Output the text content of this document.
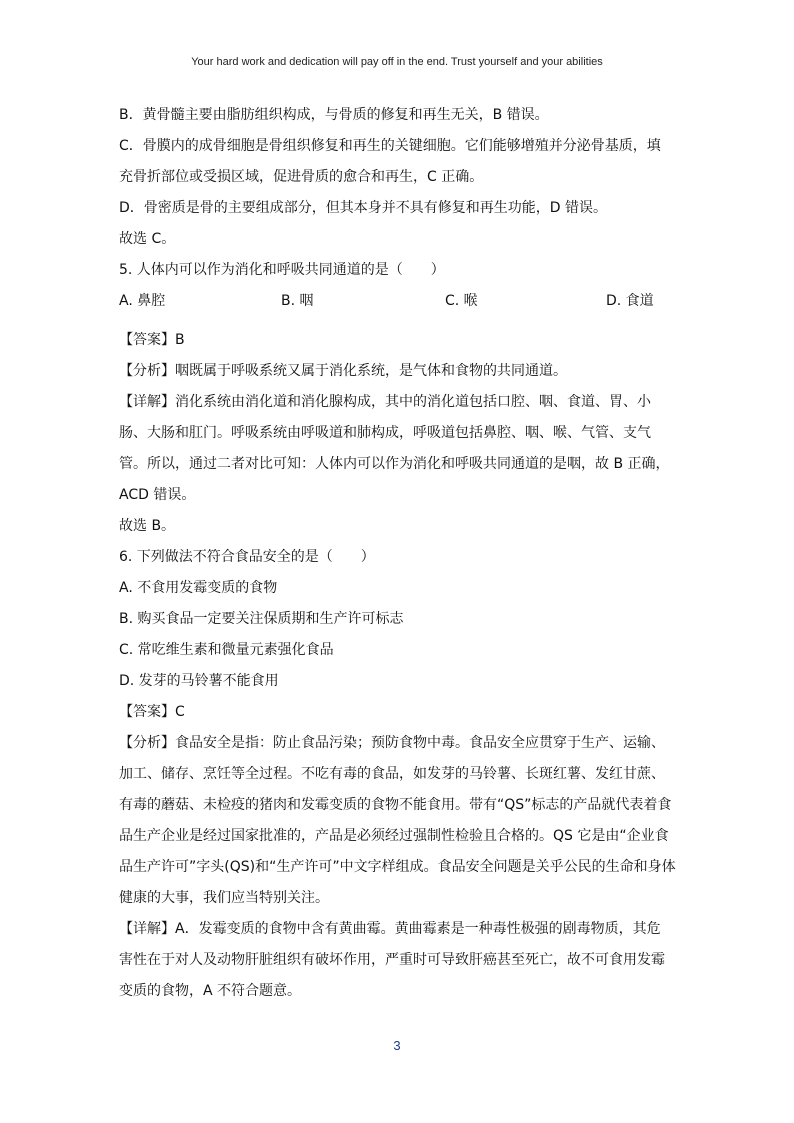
Your hard work and dedication will pay off in the end. Trust yourself and your abilities
B．黄骨髓主要由脂肪组织构成，与骨质的修复和再生无关，B 错误。
C．骨膜内的成骨细胞是骨组织修复和再生的关键细胞。它们能够增殖并分泌骨基质，填
充骨折部位或受损区域，促进骨质的愈合和再生，C 正确。
D．骨密质是骨的主要组成部分，但其本身并不具有修复和再生功能，D 错误。
故选 C。
5. 人体内可以作为消化和呼吸共同通道的是（　　）
A. 鼻腔	B. 咽	C. 喉	D. 食道
【答案】B
【分析】咽既属于呼吸系统又属于消化系统，是气体和食物的共同通道。
【详解】消化系统由消化道和消化腺构成，其中的消化道包括口腔、咽、食道、胃、小
肠、大肠和肛门。呼吸系统由呼吸道和肺构成，呼吸道包括鼻腔、咽、喉、气管、支气
管。所以，通过二者对比可知：人体内可以作为消化和呼吸共同通道的是咽，故 B 正确，
ACD 错误。
故选 B。
6. 下列做法不符合食品安全的是（　　）
A. 不食用发霉变质的食物
B. 购买食品一定要关注保质期和生产许可标志
C. 常吃维生素和微量元素强化食品
D. 发芽的马铃薯不能食用
【答案】C
【分析】食品安全是指：防止食品污染；预防食物中毒。食品安全应贯穿于生产、运输、
加工、储存、烹饪等全过程。不吃有毒的食品，如发芽的马铃薯、长斑红薯、发红甘蔗、
有毒的蘑菇、未检疫的猪肉和发霉变质的食物不能食用。带有“QS”标志的产品就代表着食
品生产企业是经过国家批准的，产品是必须经过强制性检验且合格的。QS 它是由“企业食
品生产许可”字头(QS)和“生产许可”中文字样组成。食品安全问题是关乎公民的生命和身体
健康的大事，我们应当特别关注。
【详解】A．发霉变质的食物中含有黄曲霉。黄曲霉素是一种毒性极强的剧毒物质，其危
害性在于对人及动物肝脏组织有破坏作用，严重时可导致肝癌甚至死亡，故不可食用发霉
变质的食物，A 不符合题意。
3
